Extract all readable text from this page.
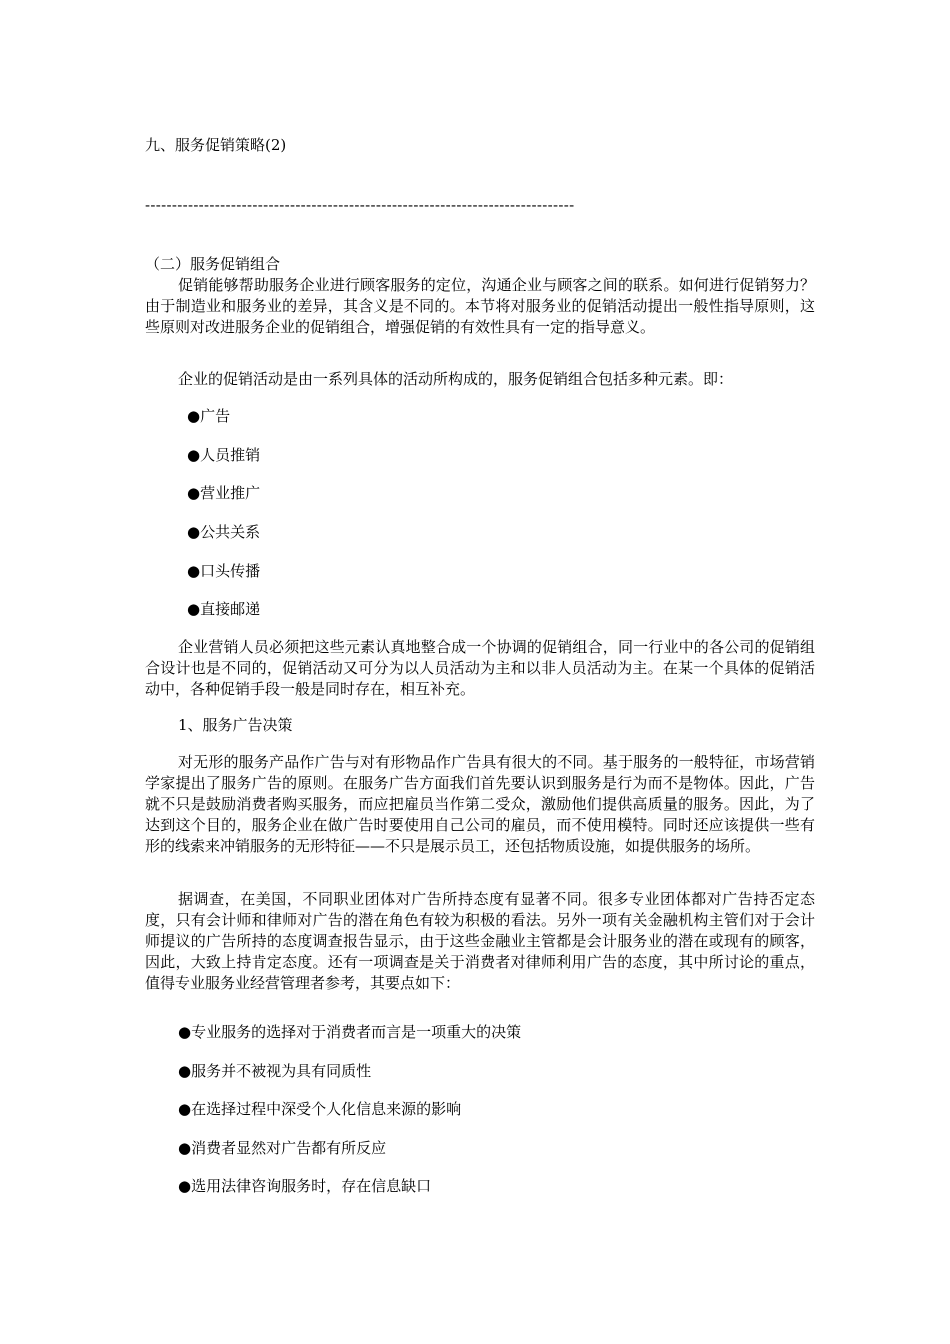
九、服务促销策略(2)
--------------------------------------------------------------------------------
（二）服务促销组合

促销能够帮助服务企业进行顾客服务的定位，沟通企业与顾客之间的联系。如何进行促销努力？由于制造业和服务业的差异，其含义是不同的。本节将对服务业的促销活动提出一般性指导原则，这些原则对改进服务企业的促销组合，增强促销的有效性具有一定的指导意义。

企业的促销活动是由一系列具体的活动所构成的，服务促销组合包括多种元素。即：
●广告
●人员推销
●营业推广
●公共关系
●口头传播
●直接邮递

企业营销人员必须把这些元素认真地整合成一个协调的促销组合，同一行业中的各公司的促销组合设计也是不同的，促销活动又可分为以人员活动为主和以非人员活动为主。在某一个具体的促销活动中，各种促销手段一般是同时存在，相互补充。

1、服务广告决策

对无形的服务产品作广告与对有形物品作广告具有很大的不同。基于服务的一般特征，市场营销学家提出了服务广告的原则。在服务广告方面我们首先要认识到服务是行为而不是物体。因此，广告就不只是鼓励消费者购买服务，而应把雇员当作第二受众，激励他们提供高质量的服务。因此，为了达到这个目的，服务企业在做广告时要使用自己公司的雇员，而不使用模特。同时还应该提供一些有形的线索来冲销服务的无形特征——不只是展示员工，还包括物质设施，如提供服务的场所。

据调查，在美国，不同职业团体对广告所持态度有显著不同。很多专业团体都对广告持否定态度，只有会计师和律师对广告的潜在角色有较为积极的看法。另外一项有关金融机构主管们对于会计师提议的广告所持的态度调查报告显示，由于这些金融业主管都是会计服务业的潜在或现有的顾客，因此，大致上持肯定态度。还有一项调查是关于消费者对律师利用广告的态度，其中所讨论的重点，值得专业服务业经营管理者参考，其要点如下：

●专业服务的选择对于消费者而言是一项重大的决策
●服务并不被视为具有同质性
●在选择过程中深受个人化信息来源的影响
●消费者显然对广告都有所反应
●选用法律咨询服务时，存在信息缺口
